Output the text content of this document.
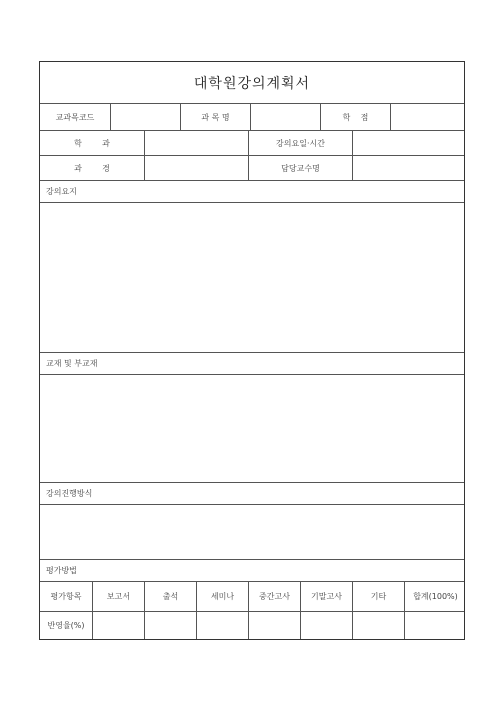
대학원강의계획서
교과목코드	과 목 명	학    점
학        과	강의요일·시간
과        경	담당교수명
강의요지
교재 및 부교재
강의진행방식
평가방법
평가항목	보고서	출석	세미나	중간고사	기말고사	기타	합계(100%)
반영율(%)
